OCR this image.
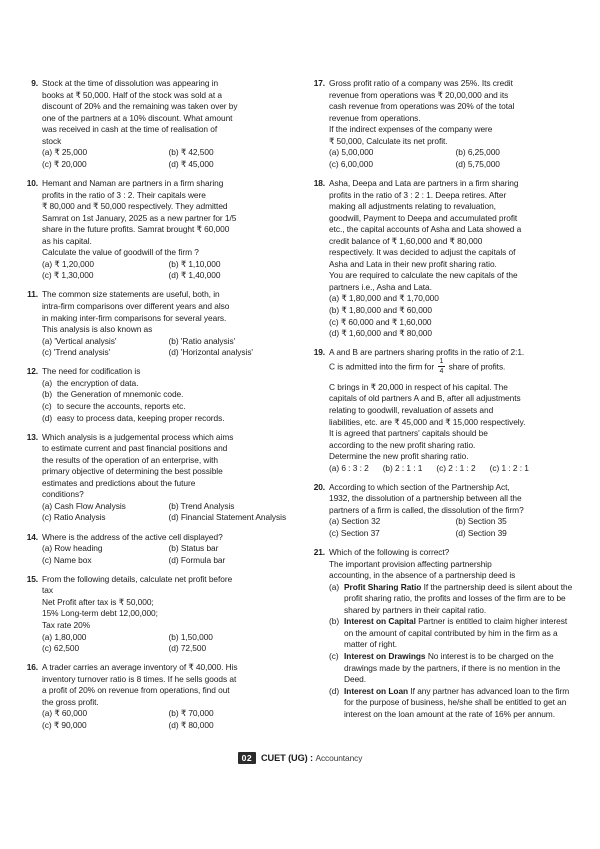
9. Stock at the time of dissolution was appearing in
books at ₹ 50,000. Half of the stock was sold at a
discount of 20% and the remaining was taken over by
one of the partners at a 10% discount. What amount
was received in cash at the time of realisation of
stock
(a) ₹ 25,000	(b) ₹ 42,500
(c) ₹ 20,000	(d) ₹ 45,000
10. Hemant and Naman are partners in a firm sharing
profits in the ratio of 3 : 2. Their capitals were
₹ 80,000 and ₹ 50,000 respectively. They admitted
Samrat on 1st January, 2025 as a new partner for 1/5
share in the future profits. Samrat brought ₹ 60,000
as his capital.
Calculate the value of goodwill of the firm ?
(a) ₹ 1,20,000	(b) ₹ 1,10,000
(c) ₹ 1,30,000	(d) ₹ 1,40,000
11. The common size statements are useful, both, in
intra-firm comparisons over different years and also
in making inter-firm comparisons for several years.
This analysis is also known as
(a) 'Vertical analysis'	(b) 'Ratio analysis'
(c) 'Trend analysis'	(d) 'Horizontal analysis'
12. The need for codification is
(a) the encryption of data.
(b) the Generation of mnemonic code.
(c) to secure the accounts, reports etc.
(d) easy to process data, keeping proper records.
13. Which analysis is a judgemental process which aims
to estimate current and past financial positions and
the results of the operation of an enterprise, with
primary objective of determining the best possible
estimates and predictions about the future
conditions?
(a) Cash Flow Analysis	(b) Trend Analysis
(c) Ratio Analysis	(d) Financial Statement Analysis
14. Where is the address of the active cell displayed?
(a) Row heading	(b) Status bar
(c) Name box	(d) Formula bar
15. From the following details, calculate net profit before
tax
Net Profit after tax is ₹ 50,000;
15% Long-term debt 12,00,000;
Tax rate 20%
(a) 1,80,000	(b) 1,50,000
(c) 62,500	(d) 72,500
16. A trader carries an average inventory of ₹ 40,000. His
inventory turnover ratio is 8 times. If he sells goods at
a profit of 20% on revenue from operations, find out
the gross profit.
(a) ₹ 60,000	(b) ₹ 70,000
(c) ₹ 90,000	(d) ₹ 80,000
17. Gross profit ratio of a company was 25%. Its credit
revenue from operations was ₹ 20,00,000 and its
cash revenue from operations was 20% of the total
revenue from operations.
If the indirect expenses of the company were
₹ 50,000, Calculate its net profit.
(a) 5,00,000	(b) 6,25,000
(c) 6,00,000	(d) 5,75,000
18. Asha, Deepa and Lata are partners in a firm sharing
profits in the ratio of 3 : 2 : 1. Deepa retires. After
making all adjustments relating to revaluation,
goodwill, Payment to Deepa and accumulated profit
etc., the capital accounts of Asha and Lata showed a
credit balance of ₹ 1,60,000 and ₹ 80,000
respectively. It was decided to adjust the capitals of
Asha and Lata in their new profit sharing ratio.
You are required to calculate the new capitals of the
partners i.e., Asha and Lata.
(a) ₹ 1,80,000 and ₹ 1,70,000
(b) ₹ 1,80,000 and ₹ 60,000
(c) ₹ 60,000 and ₹ 1,60,000
(d) ₹ 1,60,000 and ₹ 80,000
19. A and B are partners sharing profits in the ratio of 2:1.
C is admitted into the firm for $\frac{1}{4}$ share of profits.
C brings in ₹ 20,000 in respect of his capital. The
capitals of old partners A and B, after all adjustments
relating to goodwill, revaluation of assets and
liabilities, etc. are ₹ 45,000 and ₹ 15,000 respectively.
It is agreed that partners' capitals should be
according to the new profit sharing ratio.
Determine the new profit sharing ratio.
(a) 6 : 3 : 2 (b) 2 : 1 : 1 (c) 2 : 1 : 2 (c) 1 : 2 : 1
20. According to which section of the Partnership Act,
1932, the dissolution of a partnership between all the
partners of a firm is called, the dissolution of the firm?
(a) Section 32	(b) Section 35
(c) Section 37	(d) Section 39
21. Which of the following is correct?
The important provision affecting partnership
accounting, in the absence of a partnership deed is
(a) Profit Sharing Ratio If the partnership deed is silent about the profit sharing ratio, the profits and losses of the firm are to be shared by partners in their capital ratio.
(b) Interest on Capital Partner is entitled to claim higher interest on the amount of capital contributed by him in the firm as a matter of right.
(c) Interest on Drawings No interest is to be charged on the drawings made by the partners, if there is no mention in the Deed.
(d) Interest on Loan If any partner has advanced loan to the firm for the purpose of business, he/she shall be entitled to get an interest on the loan amount at the rate of 16% per annum.
02 CUET (UG) : Accountancy
